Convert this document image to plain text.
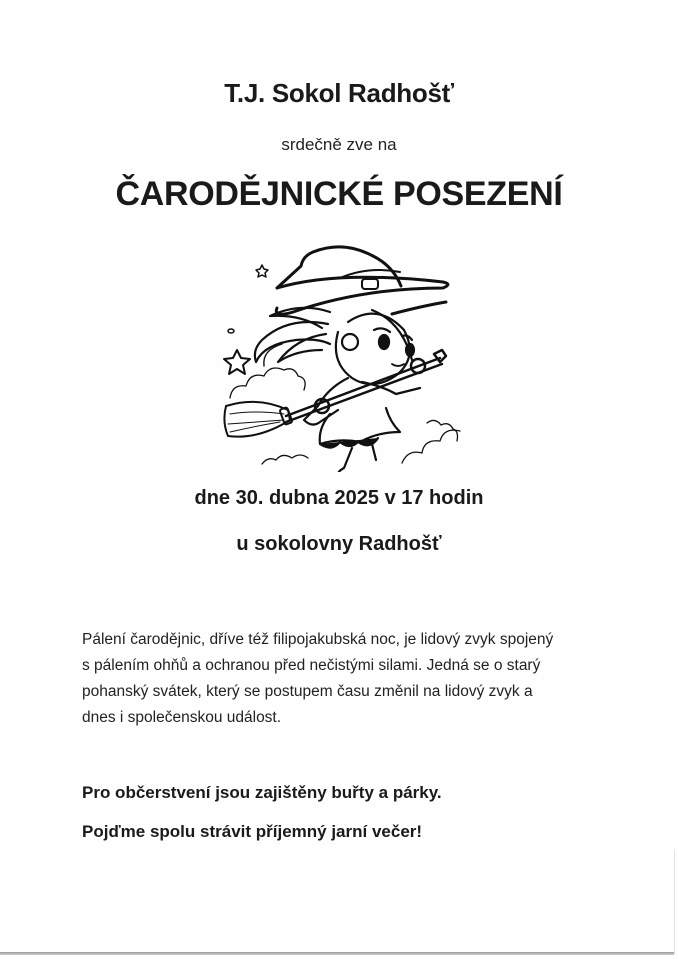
T.J. Sokol Radhošť
srdečně zve na
ČARODĚJNICKÉ POSEZENÍ
dne 30. dubna 2025 v 17 hodin
u sokolovny Radhošť
Pálení čarodějnic, dříve též filipojakubská noc, je lidový zvyk spojený
s pálením ohňů a ochranou před nečistými silami. Jedná se o starý
pohanský svátek, který se postupem času změnil na lidový zvyk a
dnes i společenskou událost.
Pro občerstvení jsou zajištěny buřty a párky.
Pojďme spolu strávit příjemný jarní večer!
